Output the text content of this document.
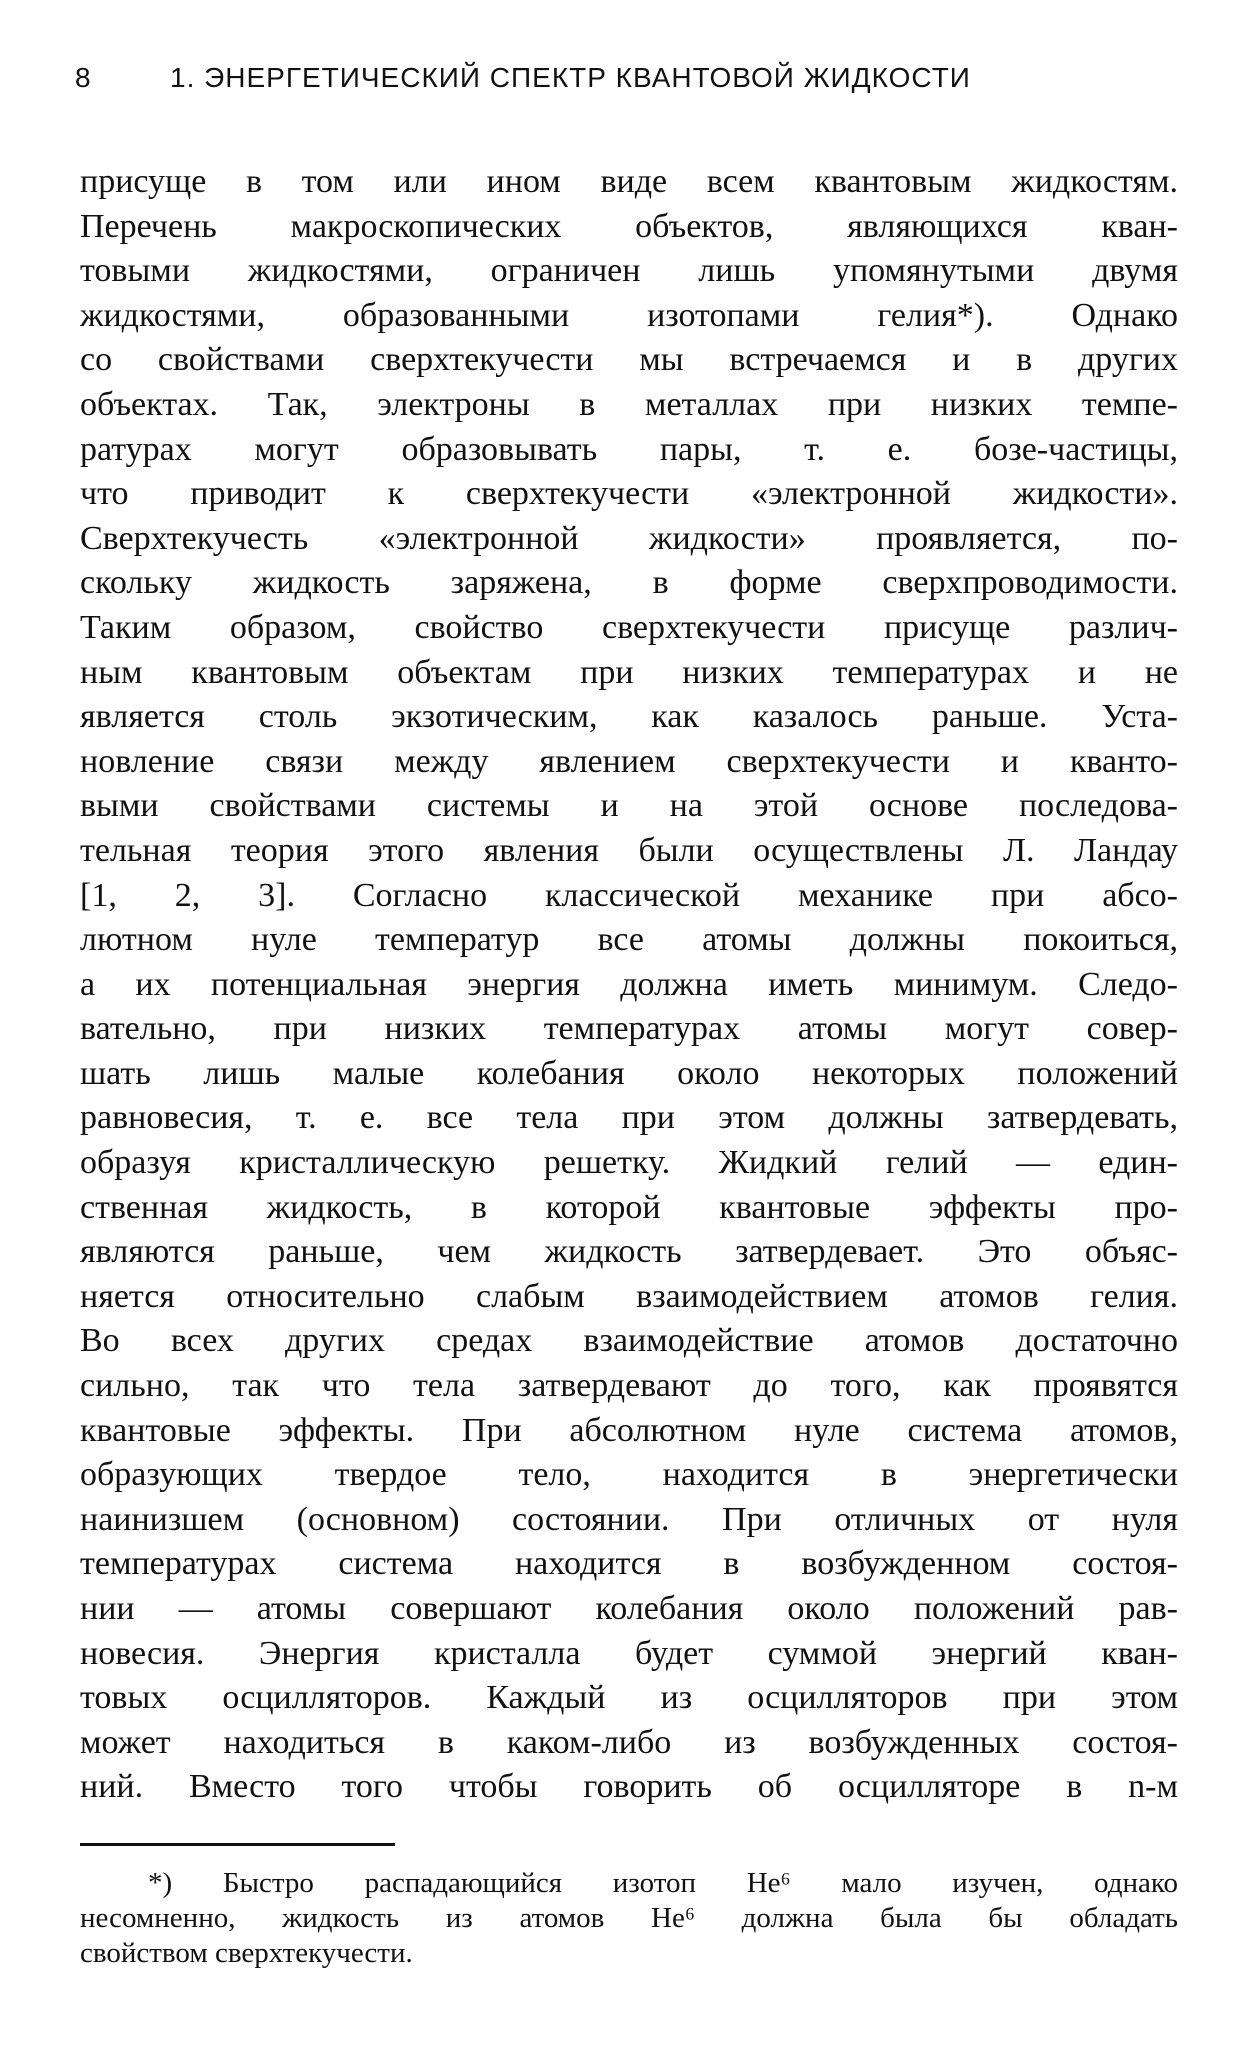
8	1. ЭНЕРГЕТИЧЕСКИЙ СПЕКТР КВАНТОВОЙ ЖИДКОСТИ
присуще в том или ином виде всем квантовым жидкостям.
Перечень макроскопических объектов, являющихся кван-
товыми жидкостями, ограничен лишь упомянутыми двумя
жидкостями, образованными изотопами гелия*). Однако
со свойствами сверхтекучести мы встречаемся и в других
объектах. Так, электроны в металлах при низких темпе-
ратурах могут образовывать пары, т. е. бозе-частицы,
что приводит к сверхтекучести «электронной жидкости».
Сверхтекучесть «электронной жидкости» проявляется, по-
скольку жидкость заряжена, в форме сверхпроводимости.
Таким образом, свойство сверхтекучести присуще различ-
ным квантовым объектам при низких температурах и не
является столь экзотическим, как казалось раньше. Уста-
новление связи между явлением сверхтекучести и кванто-
выми свойствами системы и на этой основе последова-
тельная теория этого явления были осуществлены Л. Ландау
[1, 2, 3]. Согласно классической механике при абсо-
лютном нуле температур все атомы должны покоиться,
а их потенциальная энергия должна иметь минимум. Следо-
вательно, при низких температурах атомы могут совер-
шать лишь малые колебания около некоторых положений
равновесия, т. е. все тела при этом должны затвердевать,
образуя кристаллическую решетку. Жидкий гелий — един-
ственная жидкость, в которой квантовые эффекты про-
являются раньше, чем жидкость затвердевает. Это объяс-
няется относительно слабым взаимодействием атомов гелия.
Во всех других средах взаимодействие атомов достаточно
сильно, так что тела затвердевают до того, как проявятся
квантовые эффекты. При абсолютном нуле система атомов,
образующих твердое тело, находится в энергетически
наинизшем (основном) состоянии. При отличных от нуля
температурах система находится в возбужденном состоя-
нии — атомы совершают колебания около положений рав-
новесия. Энергия кристалла будет суммой энергий кван-
товых осцилляторов. Каждый из осцилляторов при этом
может находиться в каком-либо из возбужденных состоя-
ний. Вместо того чтобы говорить об осцилляторе в n-м
*) Быстро распадающийся изотоп He⁶ мало изучен, однако
несомненно, жидкость из атомов He⁶ должна была бы обладать
свойством сверхтекучести.
